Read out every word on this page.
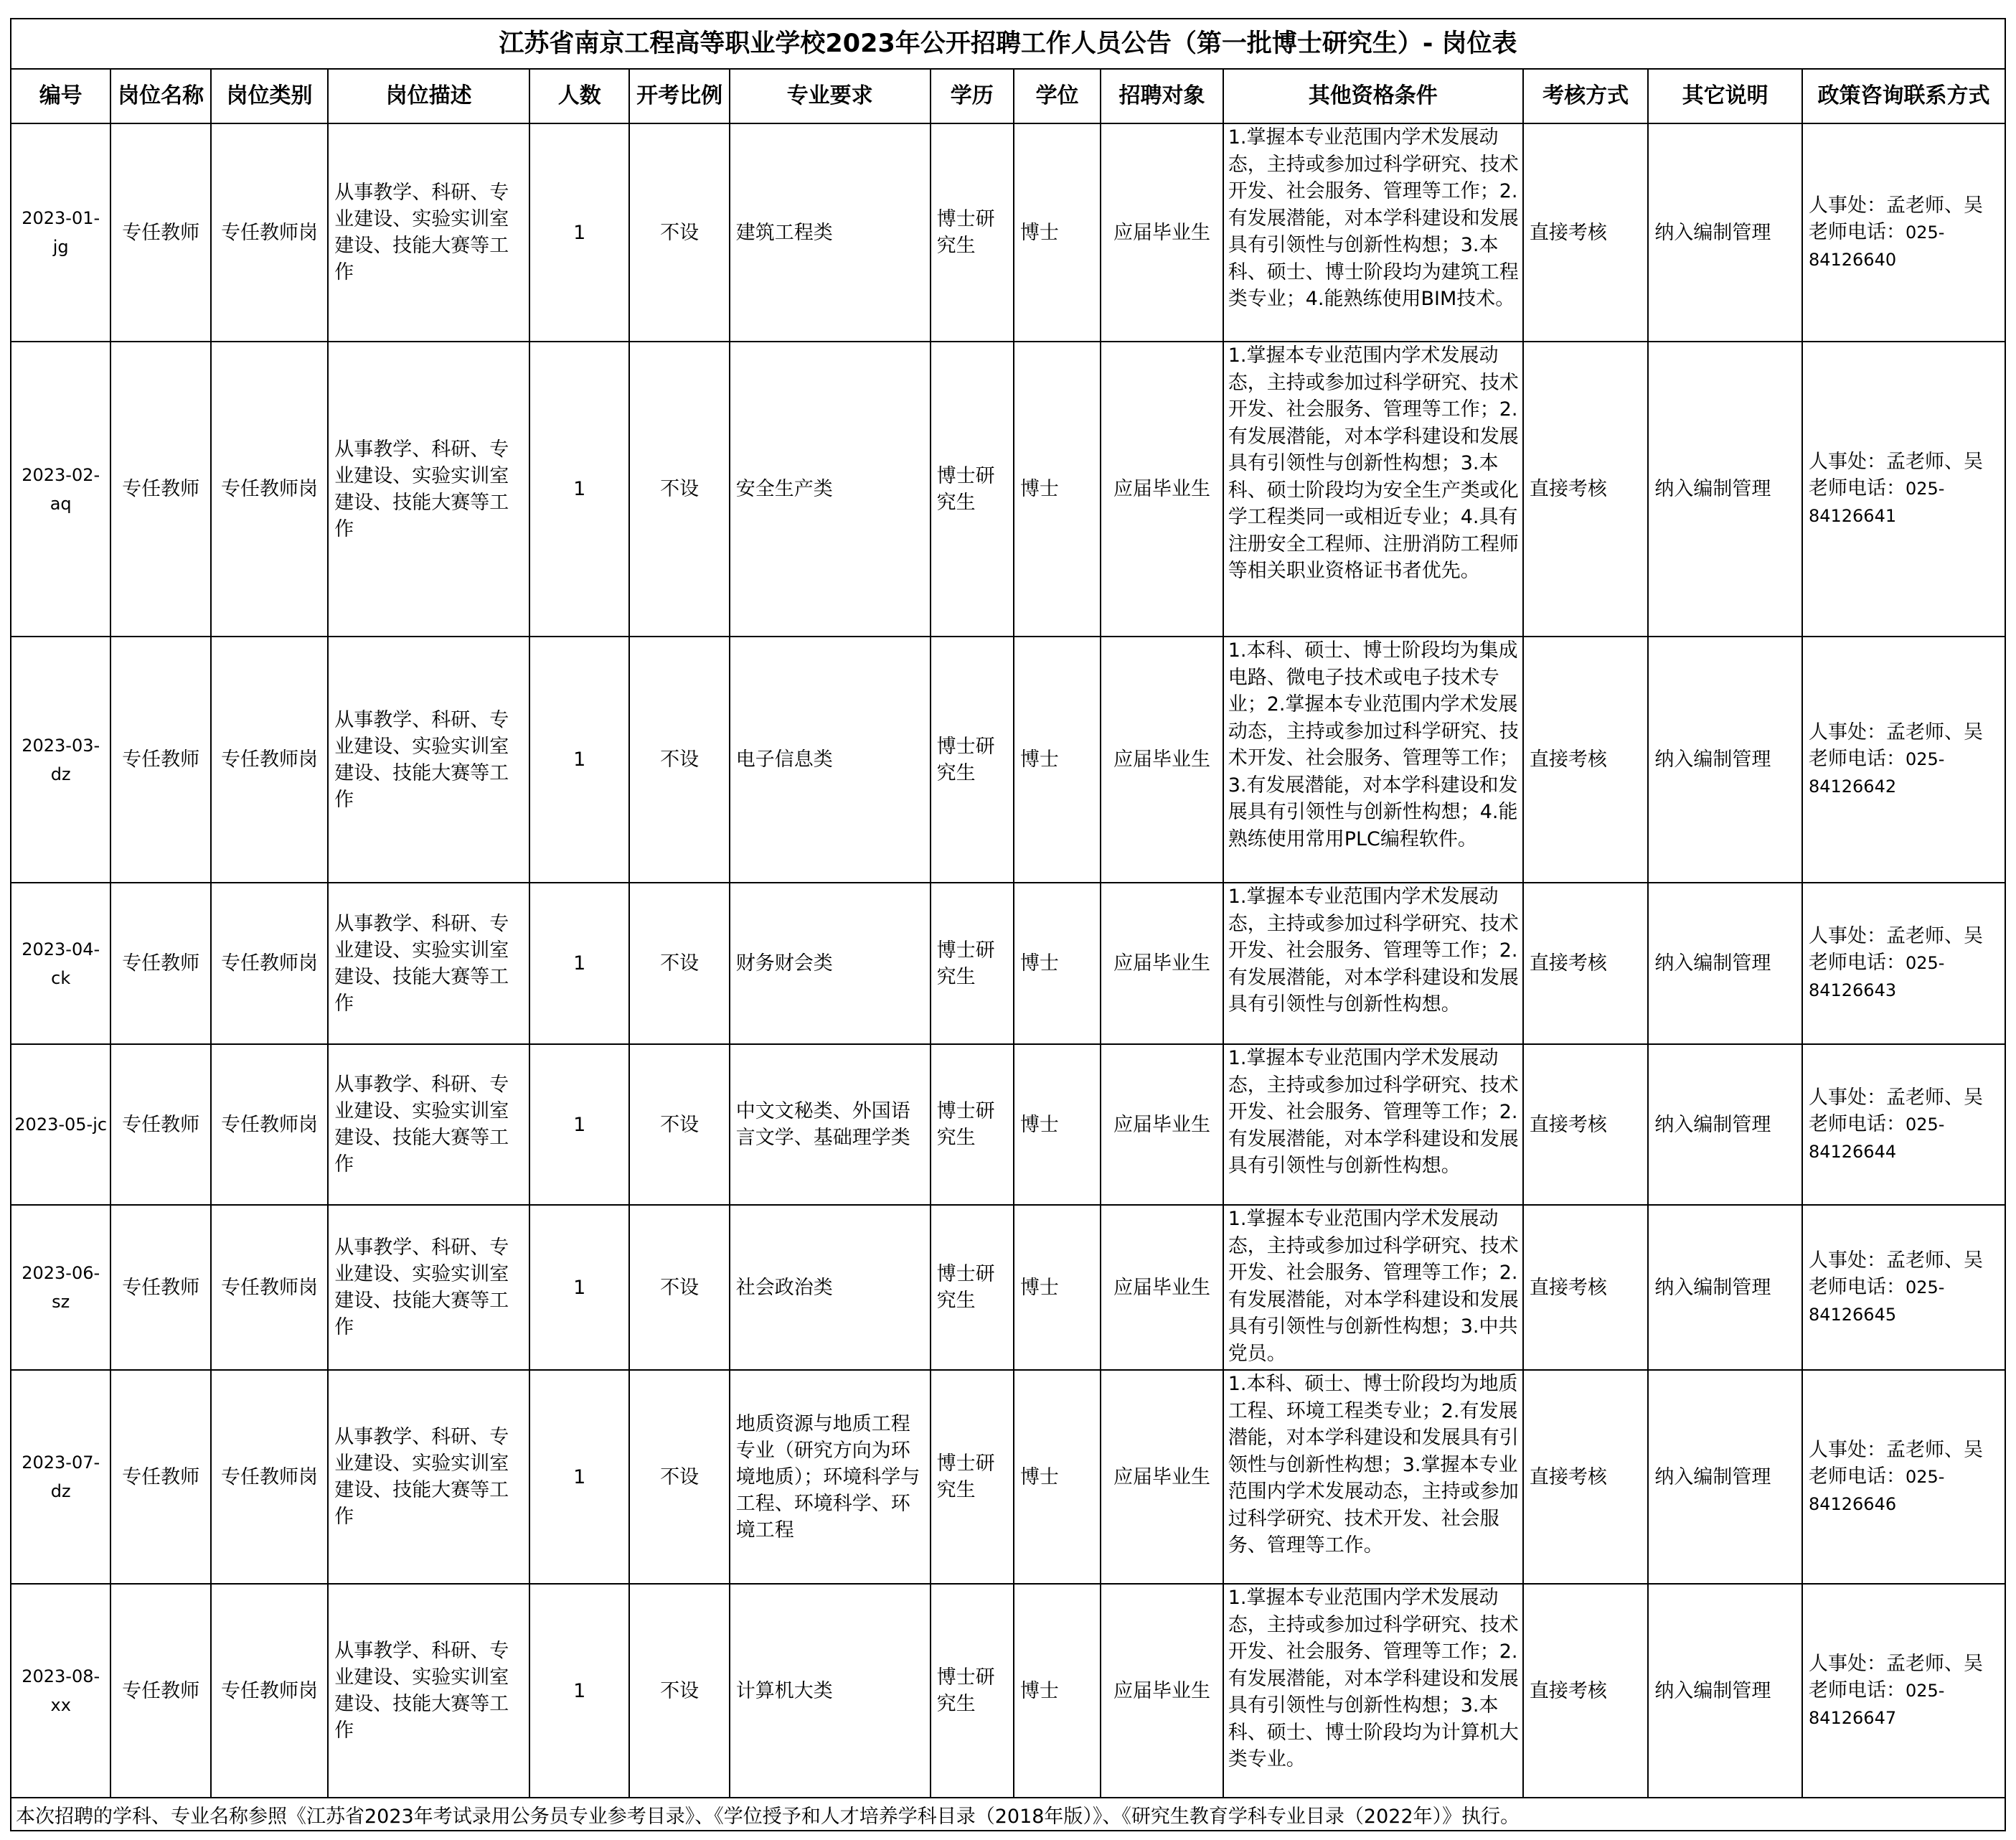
江苏省南京工程高等职业学校2023年公开招聘工作人员公告（第一批博士研究生）- 岗位表													
编号	岗位名称	岗位类别	岗位描述	人数	开考比例	专业要求	学历	学位	招聘对象	其他资格条件	考核方式	其它说明	政策咨询联系方式
2023-01-jg	专任教师	专任教师岗	从事教学、科研、专业建设、实验实训室建设、技能大赛等工作	1	不设	建筑工程类	博士研究生	博士	应届毕业生	1.掌握本专业范围内学术发展动态，主持或参加过科学研究、技术开发、社会服务、管理等工作；2.有发展潜能，对本学科建设和发展具有引领性与创新性构想；3.本科、硕士、博士阶段均为建筑工程类专业；4.能熟练使用BIM技术。	直接考核	纳入编制管理	人事处：孟老师、吴老师电话：025-84126640
2023-02-aq	专任教师	专任教师岗	从事教学、科研、专业建设、实验实训室建设、技能大赛等工作	1	不设	安全生产类	博士研究生	博士	应届毕业生	1.掌握本专业范围内学术发展动态，主持或参加过科学研究、技术开发、社会服务、管理等工作；2.有发展潜能，对本学科建设和发展具有引领性与创新性构想；3.本科、硕士阶段均为安全生产类或化学工程类同一或相近专业；4.具有注册安全工程师、注册消防工程师等相关职业资格证书者优先。	直接考核	纳入编制管理	人事处：孟老师、吴老师电话：025-84126641
2023-03-dz	专任教师	专任教师岗	从事教学、科研、专业建设、实验实训室建设、技能大赛等工作	1	不设	电子信息类	博士研究生	博士	应届毕业生	1.本科、硕士、博士阶段均为集成电路、微电子技术或电子技术专业；2.掌握本专业范围内学术发展动态，主持或参加过科学研究、技术开发、社会服务、管理等工作；3.有发展潜能，对本学科建设和发展具有引领性与创新性构想；4.能熟练使用常用PLC编程软件。	直接考核	纳入编制管理	人事处：孟老师、吴老师电话：025-84126642
2023-04-ck	专任教师	专任教师岗	从事教学、科研、专业建设、实验实训室建设、技能大赛等工作	1	不设	财务财会类	博士研究生	博士	应届毕业生	1.掌握本专业范围内学术发展动态，主持或参加过科学研究、技术开发、社会服务、管理等工作；2.有发展潜能，对本学科建设和发展具有引领性与创新性构想。	直接考核	纳入编制管理	人事处：孟老师、吴老师电话：025-84126643
2023-05-jc	专任教师	专任教师岗	从事教学、科研、专业建设、实验实训室建设、技能大赛等工作	1	不设	中文文秘类、外国语言文学、基础理学类	博士研究生	博士	应届毕业生	1.掌握本专业范围内学术发展动态，主持或参加过科学研究、技术开发、社会服务、管理等工作；2.有发展潜能，对本学科建设和发展具有引领性与创新性构想。	直接考核	纳入编制管理	人事处：孟老师、吴老师电话：025-84126644
2023-06-sz	专任教师	专任教师岗	从事教学、科研、专业建设、实验实训室建设、技能大赛等工作	1	不设	社会政治类	博士研究生	博士	应届毕业生	1.掌握本专业范围内学术发展动态，主持或参加过科学研究、技术开发、社会服务、管理等工作；2.有发展潜能，对本学科建设和发展具有引领性与创新性构想；3.中共党员。	直接考核	纳入编制管理	人事处：孟老师、吴老师电话：025-84126645
2023-07-dz	专任教师	专任教师岗	从事教学、科研、专业建设、实验实训室建设、技能大赛等工作	1	不设	地质资源与地质工程专业（研究方向为环境地质）；环境科学与工程、环境科学、环境工程	博士研究生	博士	应届毕业生	1.本科、硕士、博士阶段均为地质工程、环境工程类专业；2.有发展潜能，对本学科建设和发展具有引领性与创新性构想；3.掌握本专业范围内学术发展动态，主持或参加过科学研究、技术开发、社会服务、管理等工作。	直接考核	纳入编制管理	人事处：孟老师、吴老师电话：025-84126646
2023-08-xx	专任教师	专任教师岗	从事教学、科研、专业建设、实验实训室建设、技能大赛等工作	1	不设	计算机大类	博士研究生	博士	应届毕业生	1.掌握本专业范围内学术发展动态，主持或参加过科学研究、技术开发、社会服务、管理等工作；2.有发展潜能，对本学科建设和发展具有引领性与创新性构想；3.本科、硕士、博士阶段均为计算机大类专业。	直接考核	纳入编制管理	人事处：孟老师、吴老师电话：025-84126647
本次招聘的学科、专业名称参照《江苏省2023年考试录用公务员专业参考目录》、《学位授予和人才培养学科目录（2018年版）》、《研究生教育学科专业目录（2022年）》执行。													
